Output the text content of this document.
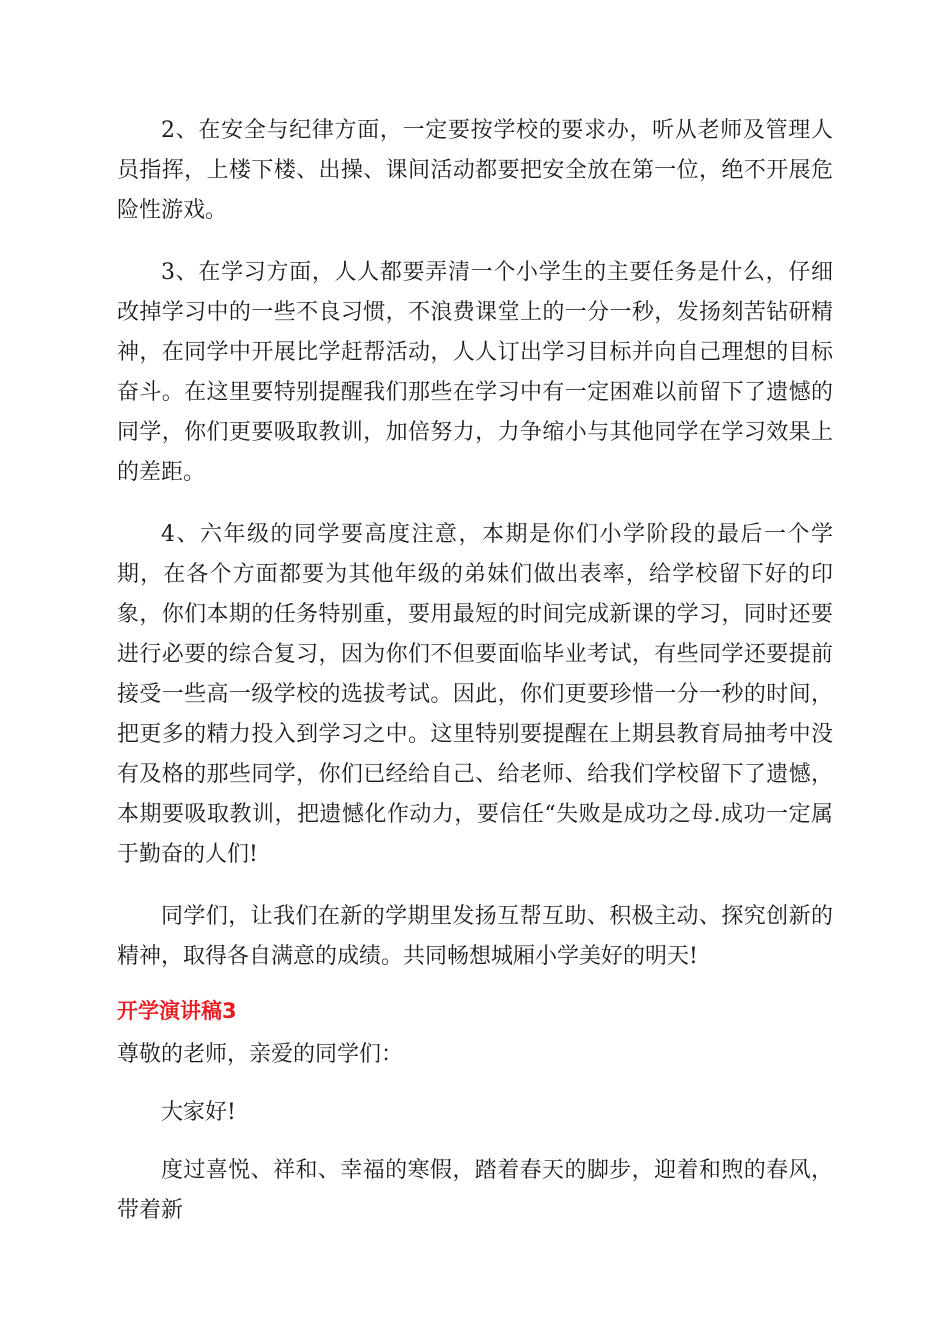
2、在安全与纪律方面，一定要按学校的要求办，听从老师及管理人员指挥，上楼下楼、出操、课间活动都要把安全放在第一位，绝不开展危险性游戏。

3、在学习方面，人人都要弄清一个小学生的主要任务是什么，仔细改掉学习中的一些不良习惯，不浪费课堂上的一分一秒，发扬刻苦钻研精神，在同学中开展比学赶帮活动，人人订出学习目标并向自己理想的目标奋斗。在这里要特别提醒我们那些在学习中有一定困难以前留下了遗憾的同学，你们更要吸取教训，加倍努力，力争缩小与其他同学在学习效果上的差距。

4、六年级的同学要高度注意，本期是你们小学阶段的最后一个学期，在各个方面都要为其他年级的弟妹们做出表率，给学校留下好的印象，你们本期的任务特别重，要用最短的时间完成新课的学习，同时还要进行必要的综合复习，因为你们不但要面临毕业考试，有些同学还要提前接受一些高一级学校的选拔考试。因此，你们更要珍惜一分一秒的时间，把更多的精力投入到学习之中。这里特别要提醒在上期县教育局抽考中没有及格的那些同学，你们已经给自己、给老师、给我们学校留下了遗憾，本期要吸取教训，把遗憾化作动力，要信任“失败是成功之母.成功一定属于勤奋的人们!

同学们，让我们在新的学期里发扬互帮互助、积极主动、探究创新的精神，取得各自满意的成绩。共同畅想城厢小学美好的明天!

开学演讲稿3

尊敬的老师，亲爱的同学们：

大家好!

度过喜悦、祥和、幸福的寒假，踏着春天的脚步，迎着和煦的春风，带着新
